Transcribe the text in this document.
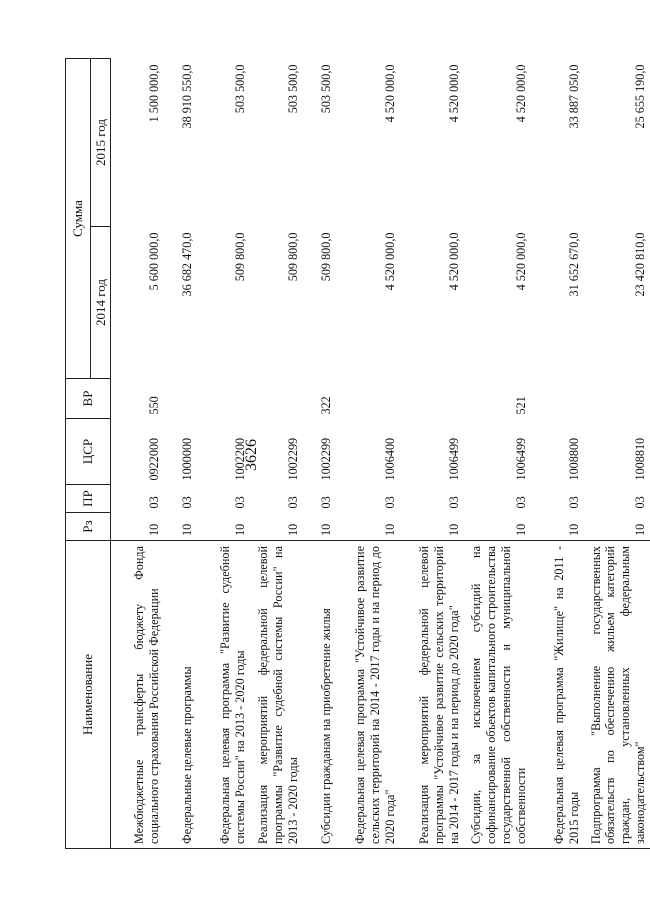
3626
Наименование	Рз	ПР	ЦСР	ВР	Сумма	
					2014 год	2015 год
Межбюджетные трансферты бюджету Фонда социального страхования Российской Федерации	10	03	0922000	550	5 600 000,0	1 500 000,0
Федеральные целевые программы	10	03	1000000		36 682 470,0	38 910 550,0
Федеральная целевая программа "Развитие судебной системы России" на 2013 - 2020 годы	10	03	1002200		509 800,0	503 500,0
Реализация мероприятий федеральной целевой программы "Развитие судебной системы России" на 2013 - 2020 годы	10	03	1002299		509 800,0	503 500,0
Субсидии гражданам на приобретение жилья	10	03	1002299	322	509 800,0	503 500,0
Федеральная целевая программа "Устойчивое развитие сельских территорий на 2014 - 2017 годы и на период до 2020 года"	10	03	1006400		4 520 000,0	4 520 000,0
Реализация мероприятий федеральной целевой программы "Устойчивое развитие сельских территорий на 2014 - 2017 годы и на период до 2020 года"	10	03	1006499		4 520 000,0	4 520 000,0
Субсидии, за исключением субсидий на софинансирование объектов капитального строительства государственной собственности и муниципальной собственности	10	03	1006499	521	4 520 000,0	4 520 000,0
Федеральная целевая программа "Жилище" на 2011 - 2015 годы	10	03	1008800		31 652 670,0	33 887 050,0
Подпрограмма "Выполнение государственных обязательств по обеспечению жильем категорий граждан, установленных федеральным законодательством"	10	03	1008810		23 420 810,0	25 655 190,0
